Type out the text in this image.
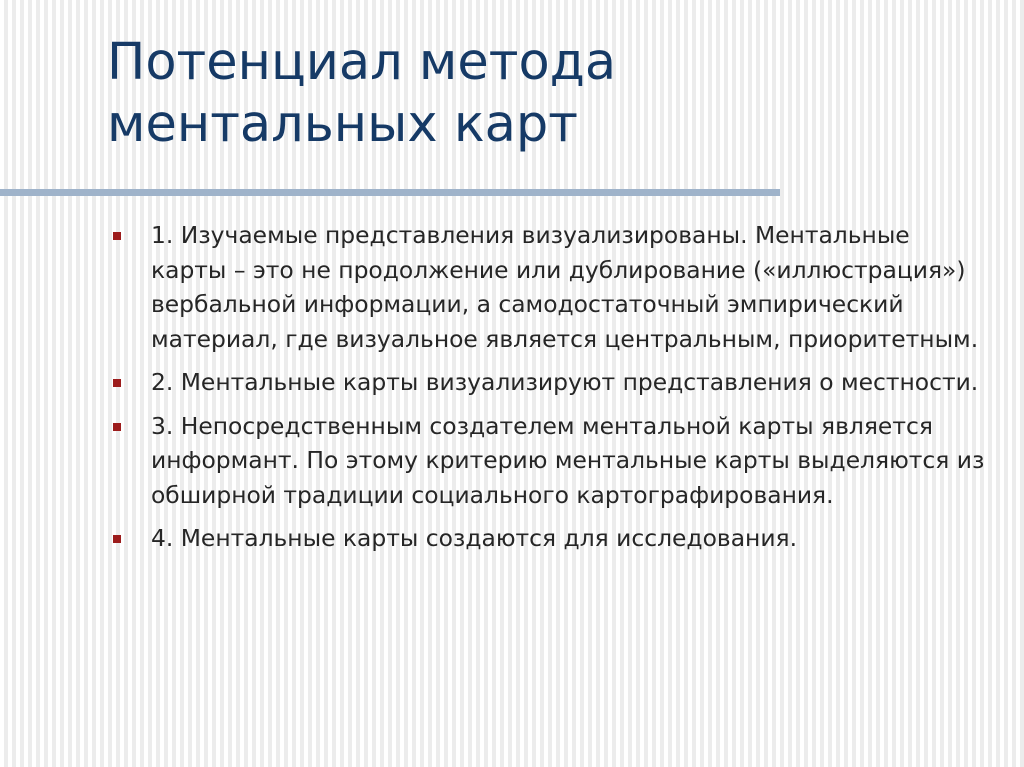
Потенциал метода
ментальных карт
1. Изучаемые представления визуализированы. Ментальные карты – это не продолжение или дублирование («иллюстрация») вербальной информации, а самодостаточный эмпирический материал, где визуальное является центральным, приоритетным.
2. Ментальные карты визуализируют представления о местности.
3. Непосредственным создателем ментальной карты является информант. По этому критерию ментальные карты выделяются из обширной традиции социального картографирования.
4. Ментальные карты создаются для исследования.
